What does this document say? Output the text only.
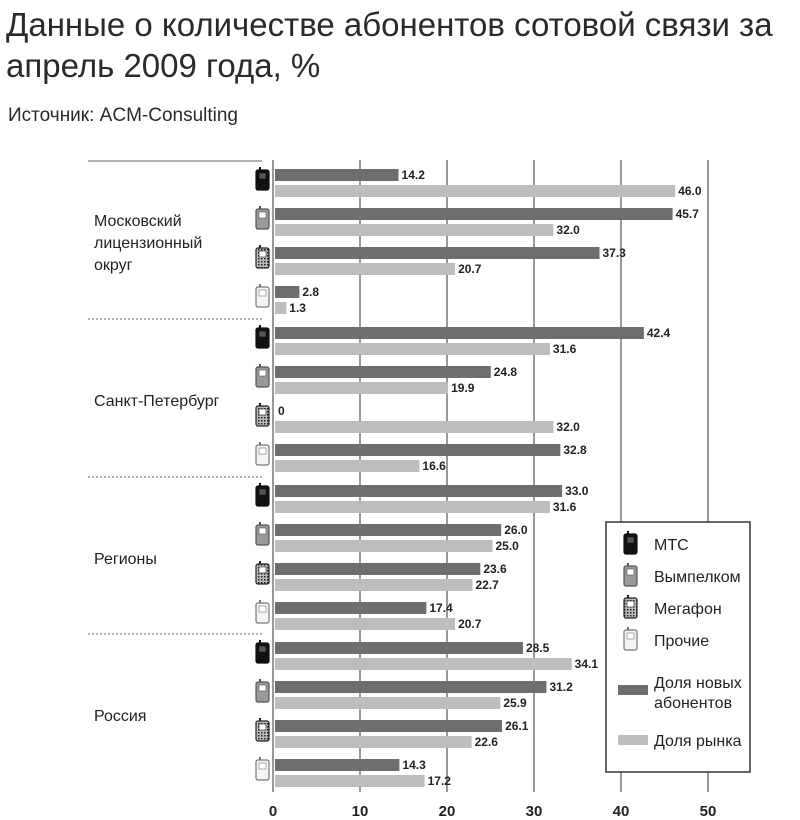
Данные о количестве абонентов сотовой связи за апрель 2009 года, %
Источник: ACM-Consulting
0	10	20	30	40	50
Московский
лицензионный
округ
14.2
46.0
45.7
32.0
37.3
20.7
2.8
1.3
Санкт-Петербург
42.4
31.6
24.8
19.9
0
32.0
32.8
16.6
Регионы
33.0
31.6
26.0
25.0
23.6
22.7
17.4
20.7
Россия
28.5
34.1
31.2
25.9
26.1
22.6
14.3
17.2
МТС
Вымпелком
Мегафон
Прочие
Доля новых
абонентов
Доля рынка
